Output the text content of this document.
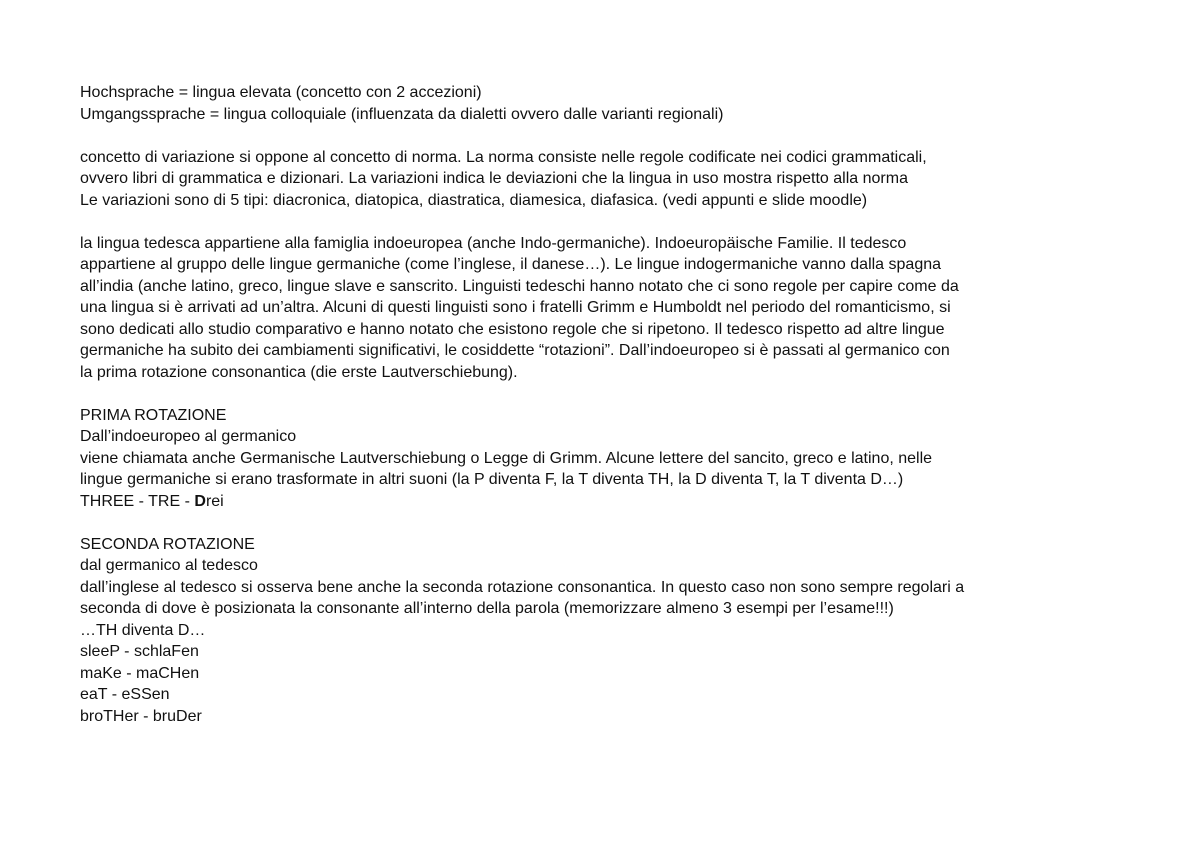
Hochsprache = lingua elevata (concetto con 2 accezioni)

Umgangssprache = lingua colloquiale (influenzata da dialetti ovvero dalle varianti regionali)

concetto di variazione si oppone al concetto di norma. La norma consiste nelle regole codificate nei codici grammaticali,

ovvero libri di grammatica e dizionari. La variazioni indica le deviazioni che la lingua in uso mostra rispetto alla norma

Le variazioni sono di 5 tipi: diacronica, diatopica, diastratica, diamesica, diafasica. (vedi appunti e slide moodle)

la lingua tedesca appartiene alla famiglia indoeuropea (anche Indo-germaniche). Indoeuropäische Familie. Il tedesco

appartiene al gruppo delle lingue germaniche (come l’inglese, il danese…). Le lingue indogermaniche vanno dalla spagna

all’india (anche latino, greco, lingue slave e sanscrito. Linguisti tedeschi hanno notato che ci sono regole per capire come da

una lingua si è arrivati ad un’altra. Alcuni di questi linguisti sono i fratelli Grimm e Humboldt nel periodo del romanticismo, si

sono dedicati allo studio comparativo e hanno notato che esistono regole che si ripetono. Il tedesco rispetto ad altre lingue

germaniche ha subito dei cambiamenti significativi, le cosiddette “rotazioni”. Dall’indoeuropeo si è passati al germanico con

la prima rotazione consonantica (die erste Lautverschiebung).

PRIMA ROTAZIONE

Dall’indoeuropeo al germanico

viene chiamata anche Germanische Lautverschiebung o Legge di Grimm. Alcune lettere del sancito, greco e latino, nelle

lingue germaniche si erano trasformate in altri suoni (la P diventa F, la T diventa TH, la D diventa T, la T diventa D…)

THREE - TRE - Drei

SECONDA ROTAZIONE

dal germanico al tedesco

dall’inglese al tedesco si osserva bene anche la seconda rotazione consonantica. In questo caso non sono sempre regolari a

seconda di dove è posizionata la consonante all’interno della parola (memorizzare almeno 3 esempi per l’esame!!!)

…TH diventa D…

sleeP - schlaFen

maKe - maCHen

eaT - eSSen

broTHer - bruDer
